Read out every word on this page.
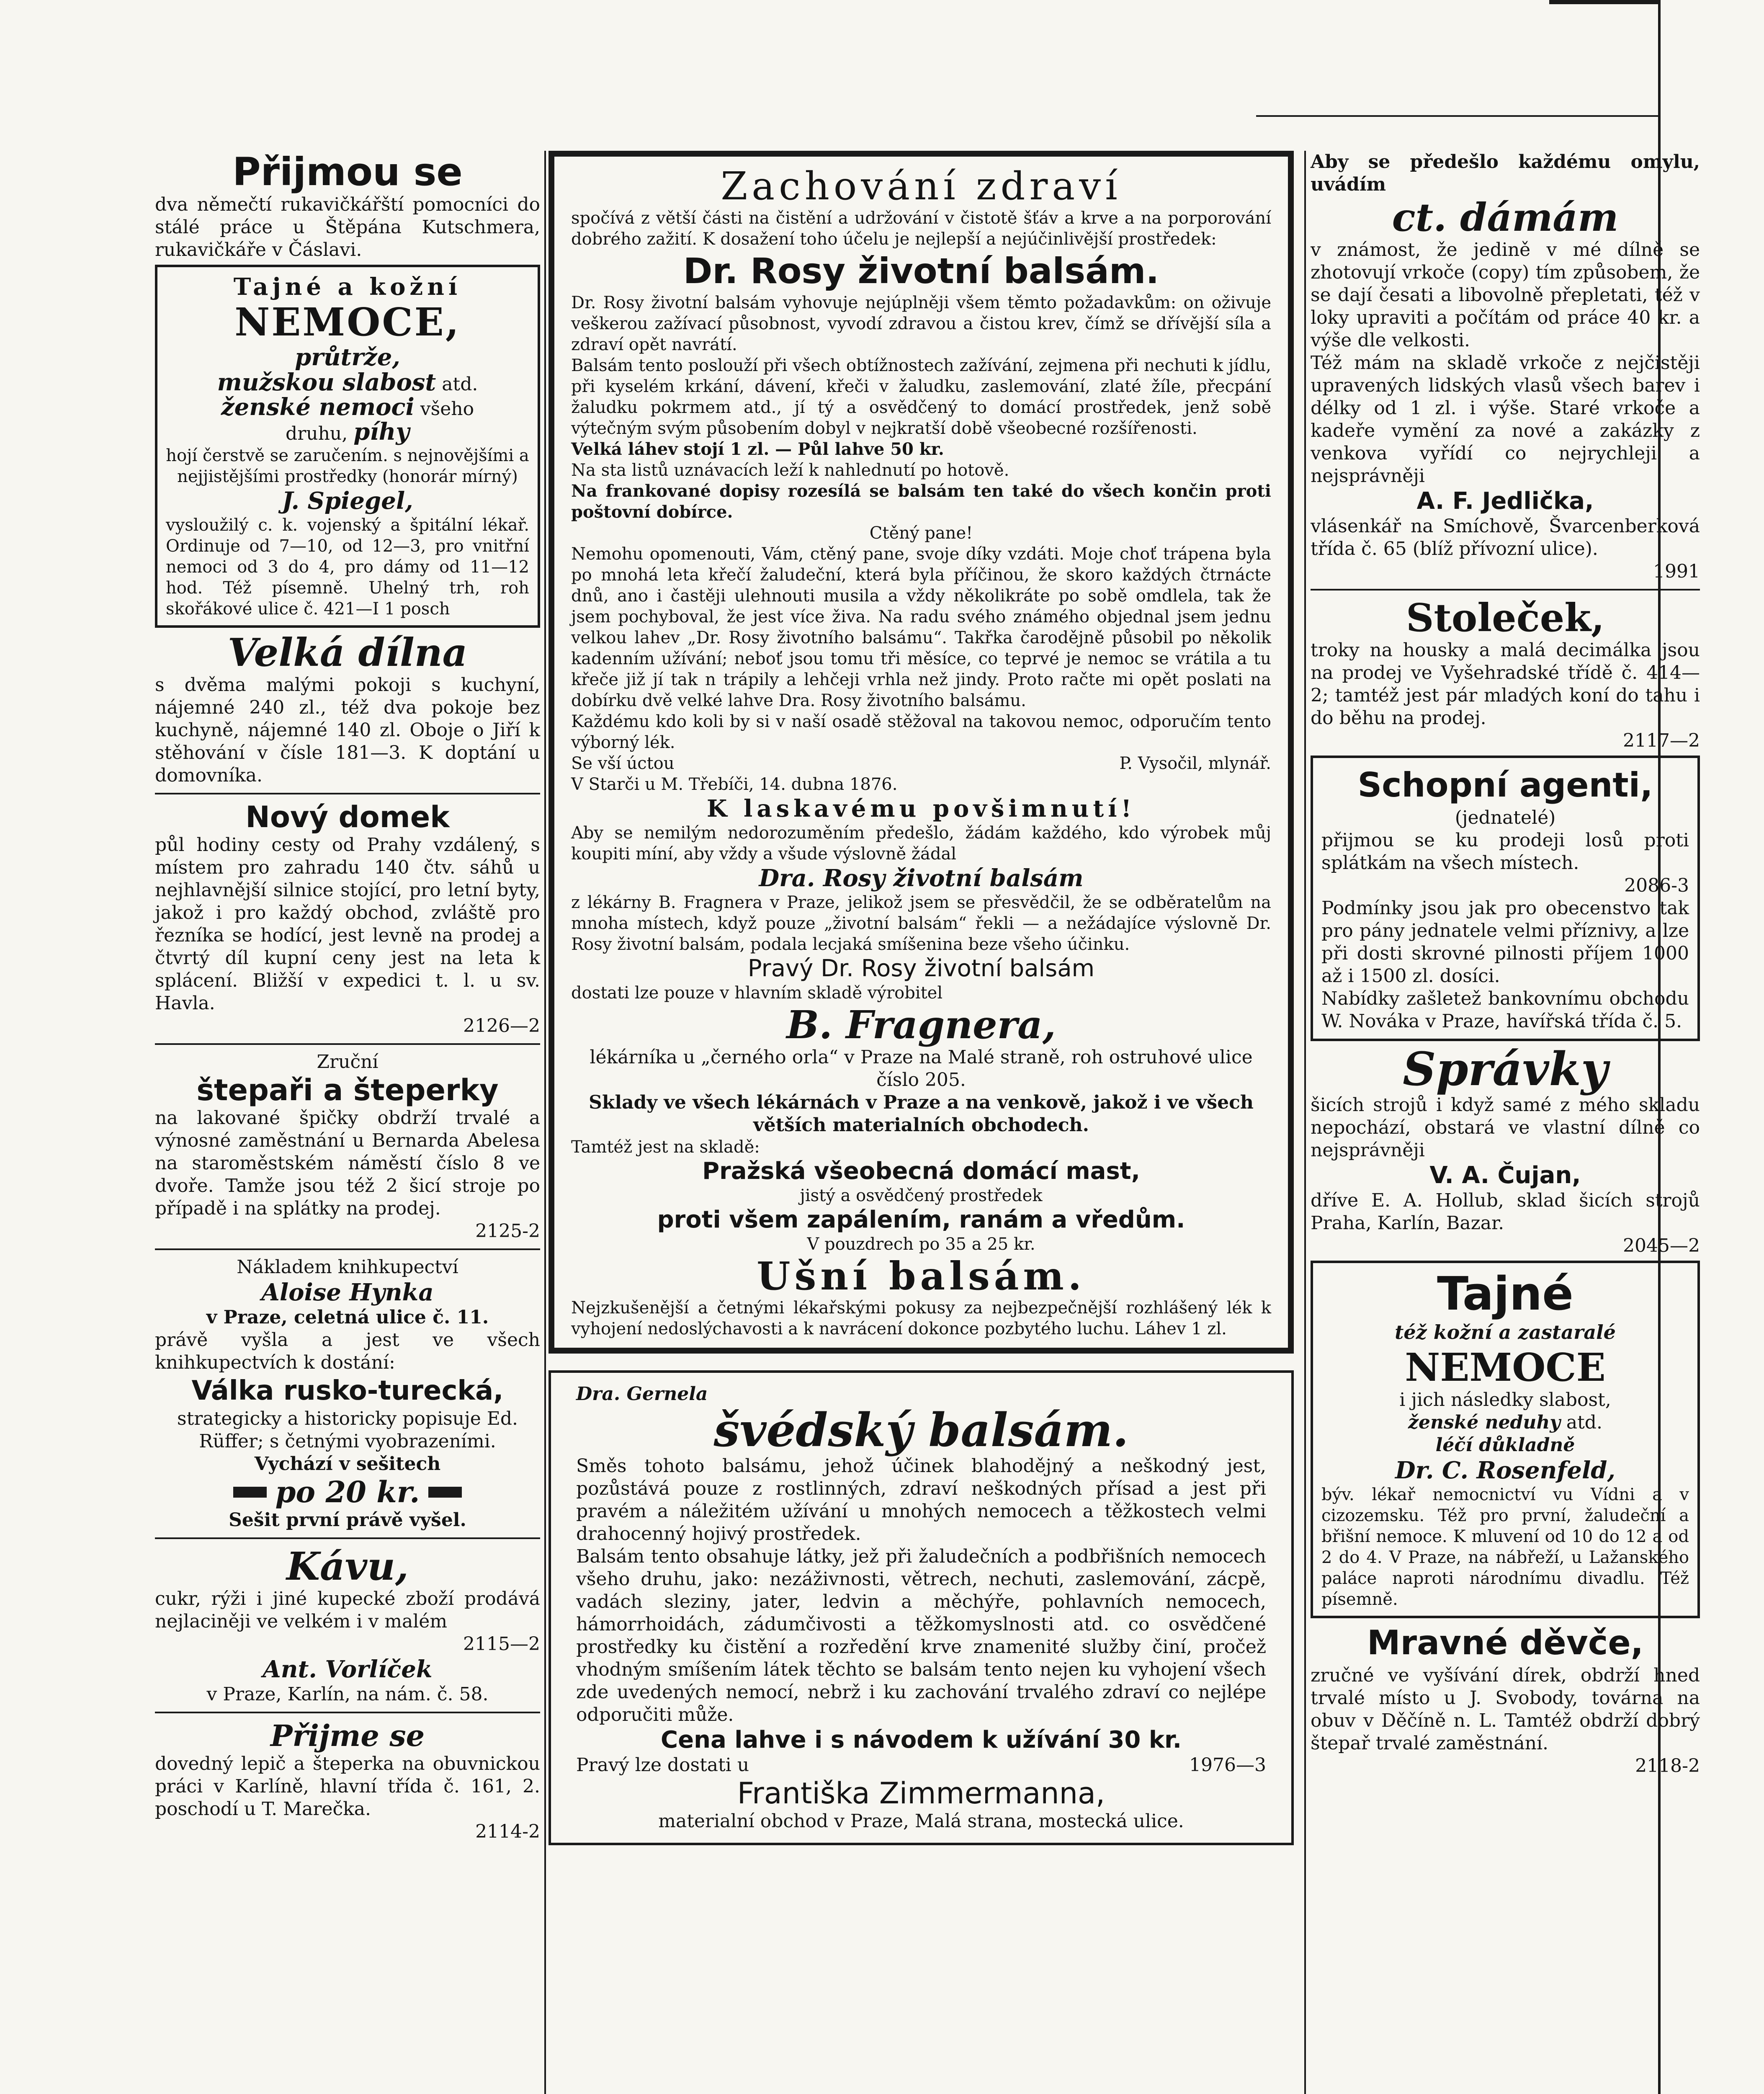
Přijmou se

dva němečtí rukavičkářští pomocníci do stálé práce u Štěpána Kutschmera, rukavičkáře v Čáslavi.

Tajné a kožní

NEMOCE,

průtrže,

mužskou slabost atd.

ženské nemoci všeho

druhu, píhy

hojí čerstvě se zaručením. s nejnovějšími a nejjistějšími prostředky (honorár mírný)

J. Spiegel,

vysloužilý c. k. vojenský a špitální lékař. Ordinuje od 7—10, od 12—3, pro vnitřní nemoci od 3 do 4, pro dámy od 11—12 hod. Též písemně. Uhelný trh, roh skořákové ulice č. 421—I 1 posch

Velká dílna

s dvěma malými pokoji s kuchyní, nájemné 240 zl., též dva pokoje bez kuchyně, nájemné 140 zl. Oboje o Jiří k stěhování v čísle 181—3. K doptání u domovníka.

Nový domek

půl hodiny cesty od Prahy vzdálený, s místem pro zahradu 140 čtv. sáhů u nejhlavnější silnice stojící, pro letní byty, jakož i pro každý obchod, zvláště pro řezníka se hodící, jest levně na prodej a čtvrtý díl kupní ceny jest na leta k splácení. Bližší v expedici t. l. u sv. Havla.

2126—2

Zruční

štepaři a šteperky

na lakované špičky obdrží trvalé a výnosné zaměstnání u Bernarda Abelesa na staroměstském náměstí číslo 8 ve dvoře. Tamže jsou též 2 šicí stroje po případě i na splátky na prodej.

2125-2

Nákladem knihkupectví

Aloise Hynka

v Praze, celetná ulice č. 11.

právě vyšla a jest ve všech knihkupectvích k dostání:

Válka rusko-turecká,

strategicky a historicky popisuje Ed. Rüffer; s četnými vyobrazeními.

Vychází v sešitech

po 20 kr.

Sešit první právě vyšel.

Kávu,

cukr, rýži i jiné kupecké zboží prodává nejlaciněji ve velkém i v malém

2115—2

Ant. Vorlíček

v Praze, Karlín, na nám. č. 58.

Přijme se

dovedný lepič a šteperka na obuvnickou práci v Karlíně, hlavní třída č. 161, 2. poschodí u T. Marečka.

2114-2

Zachování zdraví

spočívá z větší části na čistění a udržování v čistotě šťáv a krve a na porporování dobrého zažití. K dosažení toho účelu je nejlepší a nejúčinlivější prostředek:

Dr. Rosy životní balsám.

Dr. Rosy životní balsám vyhovuje nejúplněji všem těmto požadavkům: on oživuje veškerou zažívací působnost, vyvodí zdravou a čistou krev, čímž se dřívější síla a zdraví opět navrátí.

Balsám tento poslouží při všech obtížnostech zažívání, zejmena při nechuti k jídlu, při kyselém krkání, dávení, křeči v žaludku, zaslemování, zlaté žíle, přecpání žaludku pokrmem atd., jí tý a osvědčený to domácí prostředek, jenž sobě výtečným svým působením dobyl v nejkratší době všeobecné rozšířenosti.

Velká láhev stojí 1 zl. — Půl lahve 50 kr.

Na sta listů uznávacích leží k nahlednutí po hotově.

Na frankované dopisy rozesílá se balsám ten také do všech končin proti poštovní dobírce.

Ctěný pane!

Nemohu opomenouti, Vám, ctěný pane, svoje díky vzdáti. Moje choť trápena byla po mnohá leta křečí žaludeční, která byla příčinou, že skoro každých čtrnácte dnů, ano i častěji ulehnouti musila a vždy několikráte po sobě omdlela, tak že jsem pochyboval, že jest více živa. Na radu svého známého objednal jsem jednu velkou lahev „Dr. Rosy životního balsámu“. Takřka čarodějně působil po několik kadenním užívání; neboť jsou tomu tři měsíce, co teprvé je nemoc se vrátila a tu křeče již jí tak n trápily a lehčeji vrhla než jindy. Proto račte mi opět poslati na dobírku dvě velké lahve Dra. Rosy životního balsámu.

Každému kdo koli by si v naší osadě stěžoval na takovou nemoc, odporučím tento výborný lék.

Se vší úctou	P. Vysočil, mlynář.

V Starči u M. Třebíči, 14. dubna 1876.

K laskavému povšimnutí!

Aby se nemilým nedorozuměním předešlo, žádám každého, kdo výrobek můj koupiti míní, aby vždy a všude výslovně žádal

Dra. Rosy životní balsám

z lékárny B. Fragnera v Praze, jelikož jsem se přesvědčil, že se odběratelům na mnoha místech, když pouze „životní balsám“ řekli — a nežádajíce výslovně Dr. Rosy životní balsám, podala lecjaká smíšenina beze všeho účinku.

Pravý Dr. Rosy životní balsám

dostati lze pouze v hlavním skladě výrobitel

B. Fragnera,

lékárníka u „černého orla“ v Praze na Malé straně, roh ostruhové ulice číslo 205.

Sklady ve všech lékárnách v Praze a na venkově, jakož i ve všech větších materialních obchodech.

Tamtéž jest na skladě:

Pražská všeobecná domácí mast,

jistý a osvědčený prostředek

proti všem zapálením, ranám a vředům.

V pouzdrech po 35 a 25 kr.

Ušní balsám.

Nejzkušenější a četnými lékařskými pokusy za nejbezpečnější rozhlášený lék k vyhojení nedoslýchavosti a k navrácení dokonce pozbytého luchu. Láhev 1 zl.

Dra. Gernela

švédský balsám.

Směs tohoto balsámu, jehož účinek blahodějný a neškodný jest, pozůstává pouze z rostlinných, zdraví neškodných přísad a jest při pravém a náležitém užívání u mnohých nemocech a těžkostech velmi drahocenný hojivý prostředek.

Balsám tento obsahuje látky, jež při žaludečních a podbřišních nemocech všeho druhu, jako: nezáživnosti, větrech, nechuti, zaslemování, zácpě, vadách sleziny, jater, ledvin a měchýře, pohlavních nemocech, hámorrhoidách, zádumčivosti a těžkomyslnosti atd. co osvědčené prostředky ku čistění a rozředění krve znamenité služby činí, pročež vhodným smíšením látek těchto se balsám tento nejen ku vyhojení všech zde uvedených nemocí, nebrž i ku zachování trvalého zdraví co nejlépe odporučiti může.

Cena lahve i s návodem k užívání 30 kr.

Pravý lze dostati u	1976—3

Františka Zimmermanna,

materialní obchod v Praze, Malá strana, mostecká ulice.

Aby se předešlo každému omylu, uvádím

ct. dámám

v známost, že jedině v mé dílně se zhotovují vrkoče (copy) tím způsobem, že se dají česati a libovolně přepletati, též v loky upraviti a počítám od práce 40 kr. a výše dle velkosti.

Též mám na skladě vrkoče z nejčistěji upravených lidských vlasů všech barev i délky od 1 zl. i výše. Staré vrkoče a kadeře vymění za nové a zakázky z venkova vyřídí co nejrychleji a nejsprávněji

A. F. Jedlička,

vlásenkář na Smíchově, Švarcenberková třída č. 65 (blíž přívozní ulice).

1991

Stoleček,

troky na housky a malá decimálka jsou na prodej ve Vyšehradské třídě č. 414—2; tamtéž jest pár mladých koní do tahu i do běhu na prodej.

2117—2

Schopní agenti,

(jednatelé)

přijmou se ku prodeji losů proti splátkám na všech místech.

2086-3

Podmínky jsou jak pro obecenstvo tak pro pány jednatele velmi příznivy, a lze při dosti skrovné pilnosti příjem 1000 až i 1500 zl. dosíci.

Nabídky zašletež bankovnímu obchodu W. Nováka v Praze, havířská třída č. 5.

Správky

šicích strojů i když samé z mého skladu nepochází, obstará ve vlastní dílně co nejsprávněji

V. A. Čujan,

dříve E. A. Hollub, sklad šicích strojů Praha, Karlín, Bazar.

2045—2

Tajné

též kožní a zastaralé

NEMOCE

i jich následky slabost,

ženské neduhy atd.

léčí důkladně

Dr. C. Rosenfeld,

býv. lékař nemocnictví vu Vídni a v cizozemsku. Též pro první, žaludeční a břišní nemoce. K mluvení od 10 do 12 a od 2 do 4. V Praze, na nábřeží, u Lažanského paláce naproti národnímu divadlu. Též písemně.

Mravné děvče,

zručné ve vyšívání dírek, obdrží hned trvalé místo u J. Svobody, továrna na obuv v Děčíně n. L. Tamtéž obdrží dobrý štepař trvalé zaměstnání.

2118-2
